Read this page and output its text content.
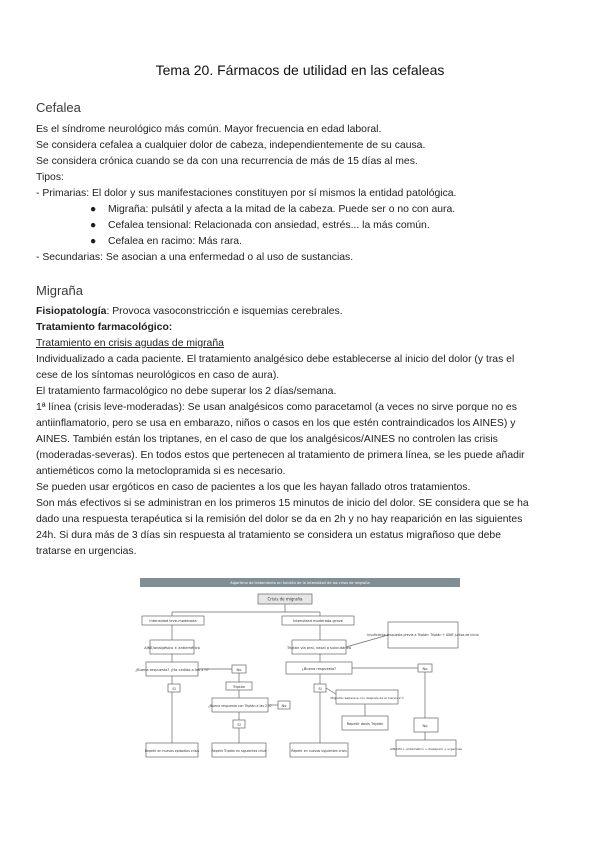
Tema 20. Fármacos de utilidad en las cefaleas
Cefalea
Es el síndrome neurológico más común. Mayor frecuencia en edad laboral.
Se considera cefalea a cualquier dolor de cabeza, independientemente de su causa.
Se considera crónica cuando se da con una recurrencia de más de 15 días al mes.
Tipos:
- Primarias: El dolor y sus manifestaciones constituyen por sí mismos la entidad patológica.
● Migraña: pulsátil y afecta a la mitad de la cabeza. Puede ser o no con aura.
● Cefalea tensional: Relacionada con ansiedad, estrés... la más común.
● Cefalea en racimo: Más rara.
- Secundarias: Se asocian a una enfermedad o al uso de sustancias.
Migraña
Fisiopatología: Provoca vasoconstricción e isquemias cerebrales.
Tratamiento farmacológico:
Tratamiento en crisis agudas de migraña
Individualizado a cada paciente. El tratamiento analgésico debe establecerse al inicio del dolor (y tras el
cese de los síntomas neurológicos en caso de aura).
El tratamiento farmacológico no debe superar los 2 días/semana.
1ª línea (crisis leve-moderadas): Se usan analgésicos como paracetamol (a veces no sirve porque no es
antiinflamatorio, pero se usa en embarazo, niños o casos en los que estén contraindicados los AINES) y
AINES. También están los triptanes, en el caso de que los analgésicos/AINES no controlen las crisis
(moderadas-severas). En todos estos que pertenecen al tratamiento de primera línea, se les puede añadir
antieméticos como la metoclopramida si es necesario.
Se pueden usar ergóticos en caso de pacientes a los que les hayan fallado otros tratamientos.
Son más efectivos si se administran en los primeros 15 minutos de inicio del dolor. SE considera que se ha
dado una respuesta terapéutica si la remisión del dolor se da en 2h y no hay reaparición en las siguientes
24h. Si dura más de 3 días sin respuesta al tratamiento se considera un estatus migrañoso que debe
tratarse en urgencias.
Algoritmo de tratamiento en función de la intensidad de las crisis de migraña
Crisis de migraña
Intensidad leve-moderada	Intensidad moderada-grave
AINE/analgésico ± antiemético	Triptán vía oral, nasal o subcutánea
Insuficiente respuesta previa a Triptán: Triptán + AINE juntos de inicio
¿Buena respuesta? ¿Ha cedido a las 2 h?	¿Buena respuesta?
Sí
No
Triptán
¿Buena respuesta con Triptán a las 2 h?	No
Sí
Sí
No
No
Migraña reaparece con después de al menos 2 h
Repetir dosis Triptán
Repetir en nuevos episodios crisis	Repetir Triptán en siguientes crisis	Repetir en nuevos siguientes crisis	AINE/IM + antiemético + diazepam + urgencias
